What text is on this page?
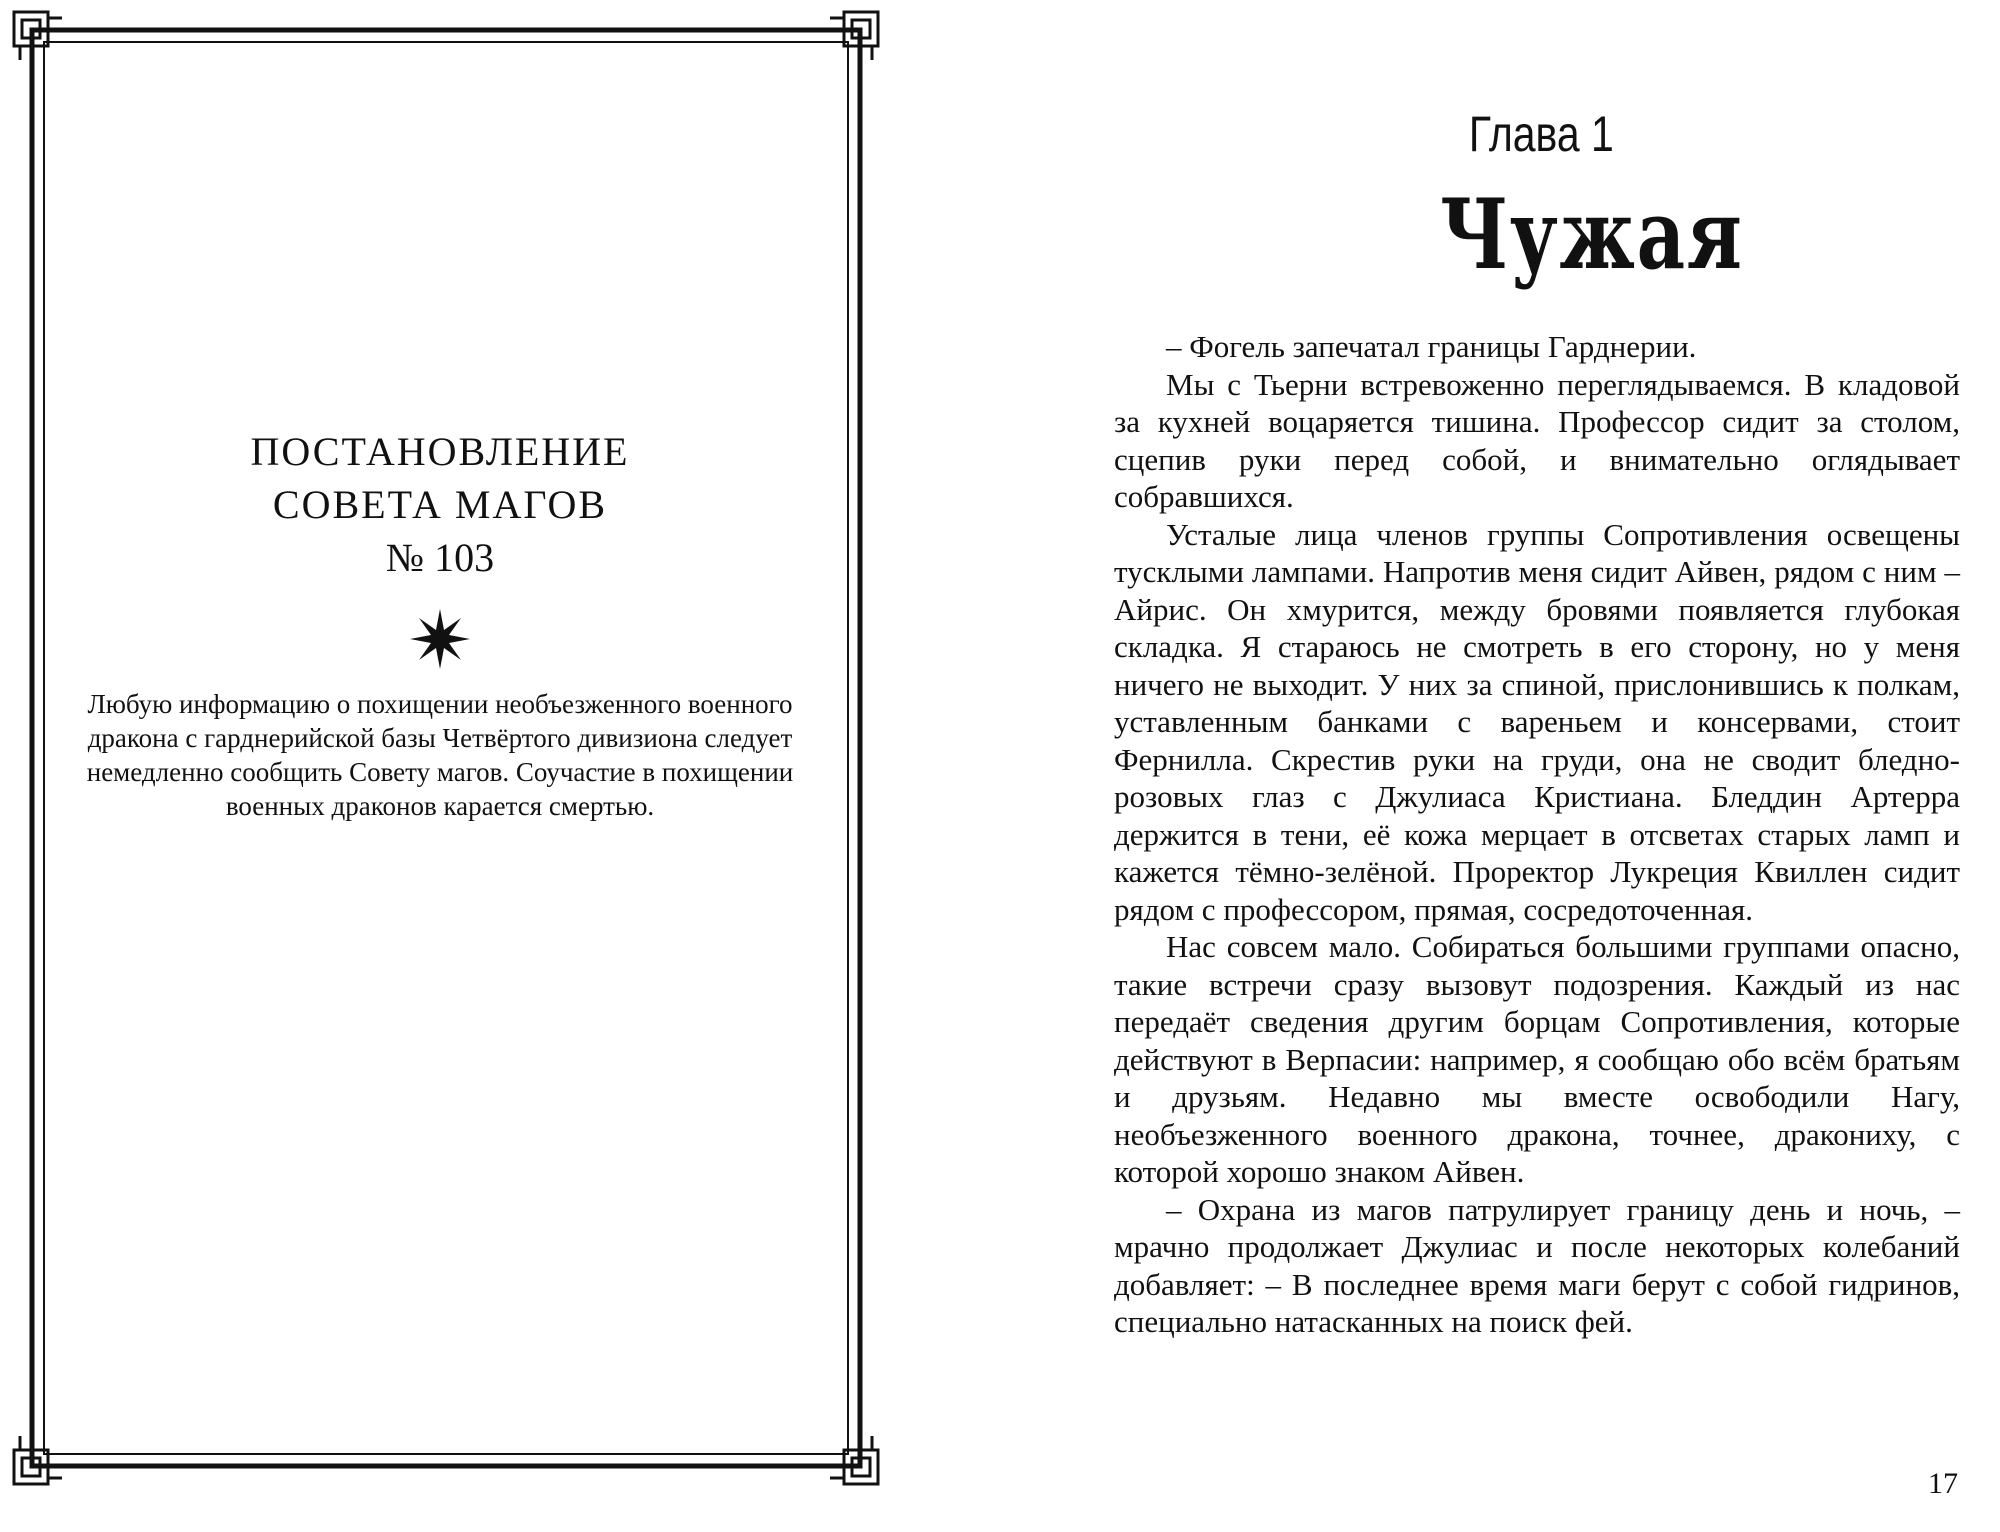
ПОСТАНОВЛЕНИЕ
СОВЕТА МАГОВ
№ 103

Любую информацию о похищении необъезженного военного дракона с гарднерийской базы Четвёртого дивизиона следует немедленно сообщить Совету магов. Соучастие в похищении военных драконов карается смертью.

Глава 1
Чужая

– Фогель запечатал границы Гарднерии.

Мы с Тьерни встревоженно переглядываемся. В кладовой за кухней воцаряется тишина. Профессор сидит за столом, сцепив руки перед собой, и внимательно оглядывает собравшихся.

Усталые лица членов группы Сопротивления освещены тусклыми лампами. Напротив меня сидит Айвен, рядом с ним – Айрис. Он хмурится, между бровями появляется глубокая складка. Я стараюсь не смотреть в его сторону, но у меня ничего не выходит. У них за спиной, прислонившись к полкам, уставленным банками с вареньем и консервами, стоит Фернилла. Скрестив руки на груди, она не сводит бледно-розовых глаз с Джулиаса Кристиана. Бледдин Артерра держится в тени, её кожа мерцает в отсветах старых ламп и кажется тёмно-зелёной. Проректор Лукреция Квиллен сидит рядом с профессором, прямая, сосредоточенная.

Нас совсем мало. Собираться большими группами опасно, такие встречи сразу вызовут подозрения. Каждый из нас передаёт сведения другим борцам Сопротивления, которые действуют в Верпасии: например, я сообщаю обо всём братьям и друзьям. Недавно мы вместе освободили Нагу, необъезженного военного дракона, точнее, дракониху, с которой хорошо знаком Айвен.

– Охрана из магов патрулирует границу день и ночь, – мрачно продолжает Джулиас и после некоторых колебаний добавляет: – В последнее время маги берут с собой гидринов, специально натасканных на поиск фей.

17
